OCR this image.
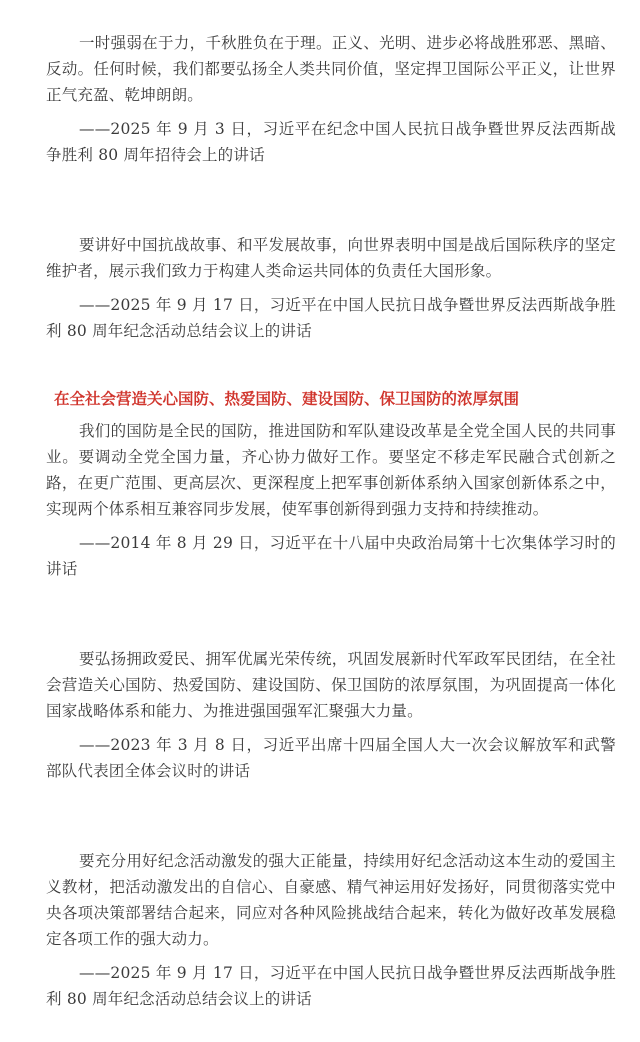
一时强弱在于力，千秋胜负在于理。正义、光明、进步必将战胜邪恶、黑暗、反动。任何时候，我们都要弘扬全人类共同价值，坚定捍卫国际公平正义，让世界正气充盈、乾坤朗朗。

——2025 年 9 月 3 日，习近平在纪念中国人民抗日战争暨世界反法西斯战争胜利 80 周年招待会上的讲话

要讲好中国抗战故事、和平发展故事，向世界表明中国是战后国际秩序的坚定维护者，展示我们致力于构建人类命运共同体的负责任大国形象。

——2025 年 9 月 17 日，习近平在中国人民抗日战争暨世界反法西斯战争胜利 80 周年纪念活动总结会议上的讲话

在全社会营造关心国防、热爱国防、建设国防、保卫国防的浓厚氛围

我们的国防是全民的国防，推进国防和军队建设改革是全党全国人民的共同事业。要调动全党全国力量，齐心协力做好工作。要坚定不移走军民融合式创新之路，在更广范围、更高层次、更深程度上把军事创新体系纳入国家创新体系之中，实现两个体系相互兼容同步发展，使军事创新得到强力支持和持续推动。

——2014 年 8 月 29 日，习近平在十八届中央政治局第十七次集体学习时的讲话

要弘扬拥政爱民、拥军优属光荣传统，巩固发展新时代军政军民团结，在全社会营造关心国防、热爱国防、建设国防、保卫国防的浓厚氛围，为巩固提高一体化国家战略体系和能力、为推进强国强军汇聚强大力量。

——2023 年 3 月 8 日，习近平出席十四届全国人大一次会议解放军和武警部队代表团全体会议时的讲话

要充分用好纪念活动激发的强大正能量，持续用好纪念活动这本生动的爱国主义教材，把活动激发出的自信心、自豪感、精气神运用好发扬好，同贯彻落实党中央各项决策部署结合起来，同应对各种风险挑战结合起来，转化为做好改革发展稳定各项工作的强大动力。

——2025 年 9 月 17 日，习近平在中国人民抗日战争暨世界反法西斯战争胜利 80 周年纪念活动总结会议上的讲话
